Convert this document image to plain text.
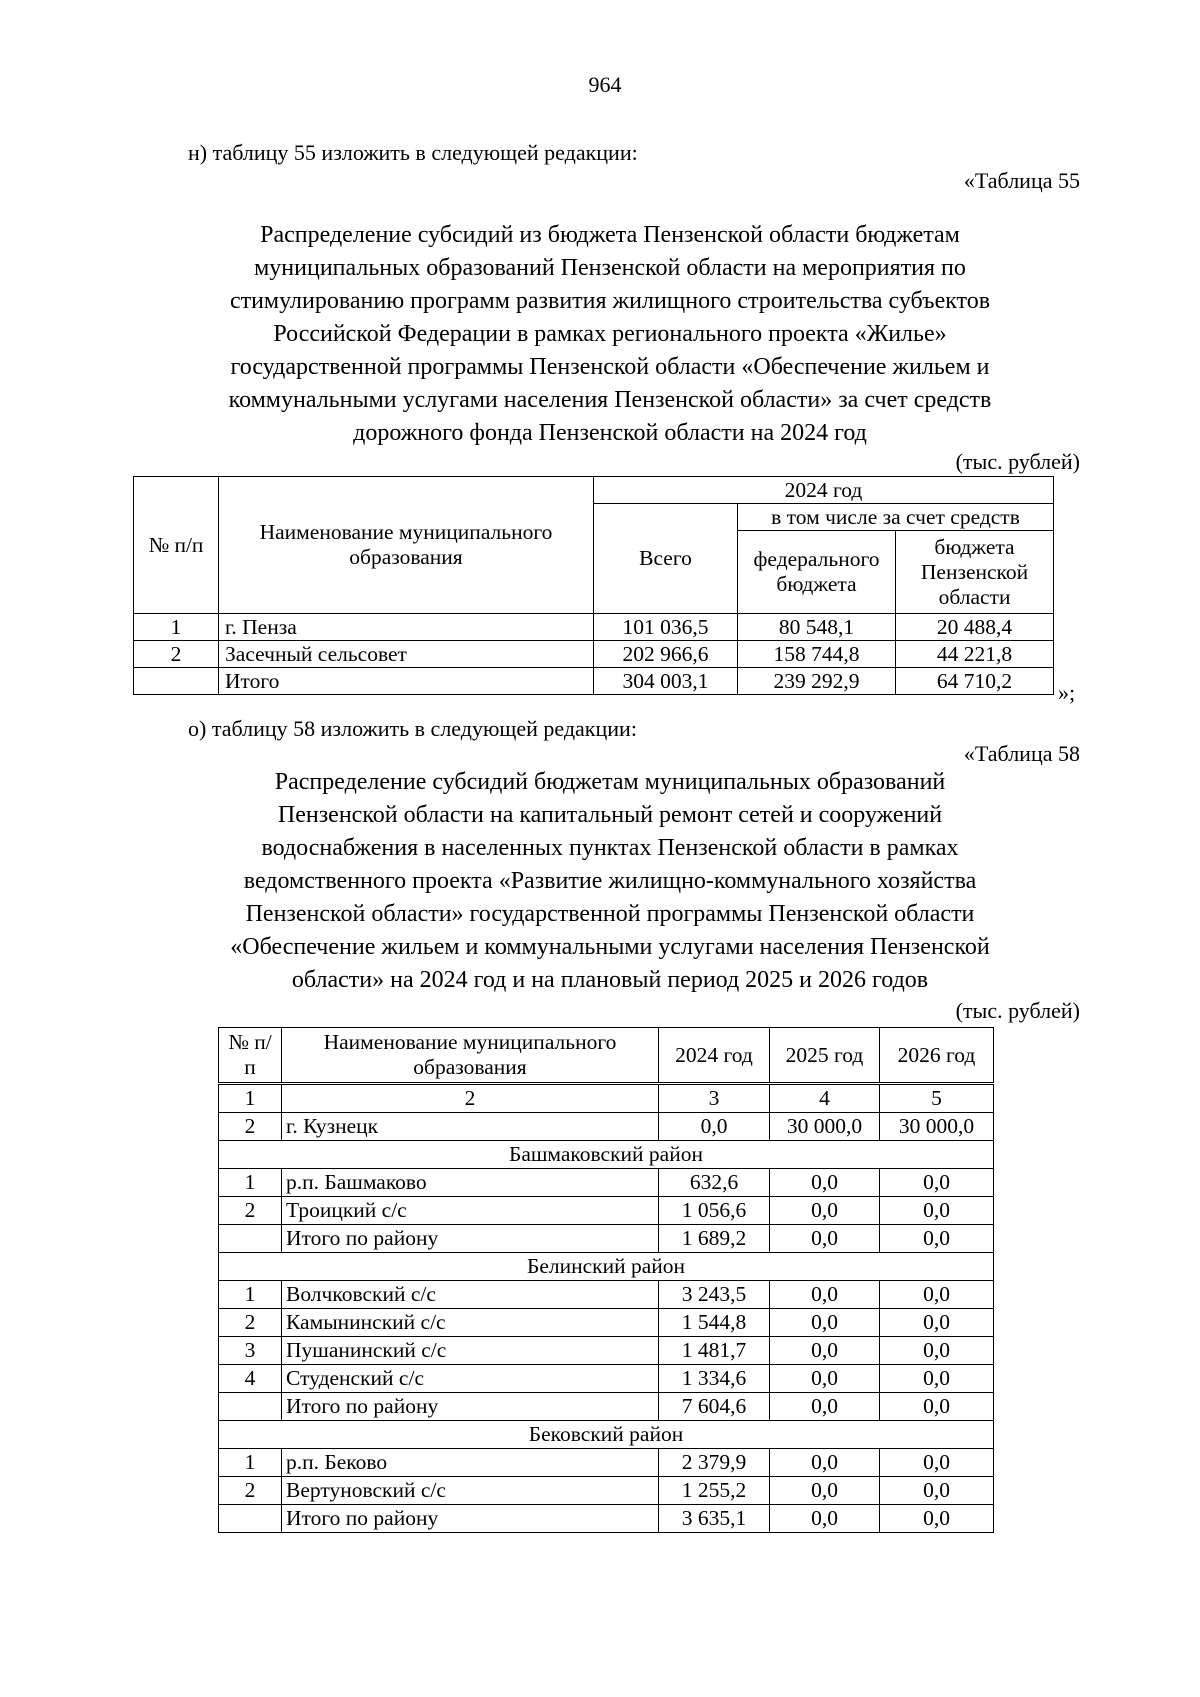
964
н) таблицу 55 изложить в следующей редакции:
«Таблица 55
Распределение субсидий из бюджета Пензенской области бюджетам
муниципальных образований Пензенской области на мероприятия по
стимулированию программ развития жилищного строительства субъектов
Российской Федерации в рамках регионального проекта «Жилье»
государственной программы Пензенской области «Обеспечение жильем и
коммунальными услугами населения Пензенской области» за счет средств
дорожного фонда Пензенской области на 2024 год
(тыс. рублей)
№ п/п	Наименование муниципального образования	2024 год		
		Всего	в том числе за счет средств	
			федерального бюджета	бюджета Пензенской области
1	г. Пенза	101 036,5	80 548,1	20 488,4
2	Засечный сельсовет	202 966,6	158 744,8	44 221,8
	Итого	304 003,1	239 292,9	64 710,2 »;
о) таблицу 58 изложить в следующей редакции:
«Таблица 58
Распределение субсидий бюджетам муниципальных образований
Пензенской области на капитальный ремонт сетей и сооружений
водоснабжения в населенных пунктах Пензенской области в рамках
ведомственного проекта «Развитие жилищно-коммунального хозяйства
Пензенской области» государственной программы Пензенской области
«Обеспечение жильем и коммунальными услугами населения Пензенской
области» на 2024 год и на плановый период 2025 и 2026 годов
(тыс. рублей)
№ п/п	Наименование муниципального образования	2024 год	2025 год	2026 год
1	2	3	4	5
2	г. Кузнецк	0,0	30 000,0	30 000,0
Башмаковский район				
1	р.п. Башмаково	632,6	0,0	0,0
2	Троицкий с/с	1 056,6	0,0	0,0
	Итого по району	1 689,2	0,0	0,0
Белинский район				
1	Волчковский с/с	3 243,5	0,0	0,0
2	Камынинский с/с	1 544,8	0,0	0,0
3	Пушанинский с/с	1 481,7	0,0	0,0
4	Студенский с/с	1 334,6	0,0	0,0
	Итого по району	7 604,6	0,0	0,0
Бековский район				
1	р.п. Беково	2 379,9	0,0	0,0
2	Вертуновский с/с	1 255,2	0,0	0,0
	Итого по району	3 635,1	0,0	0,0
